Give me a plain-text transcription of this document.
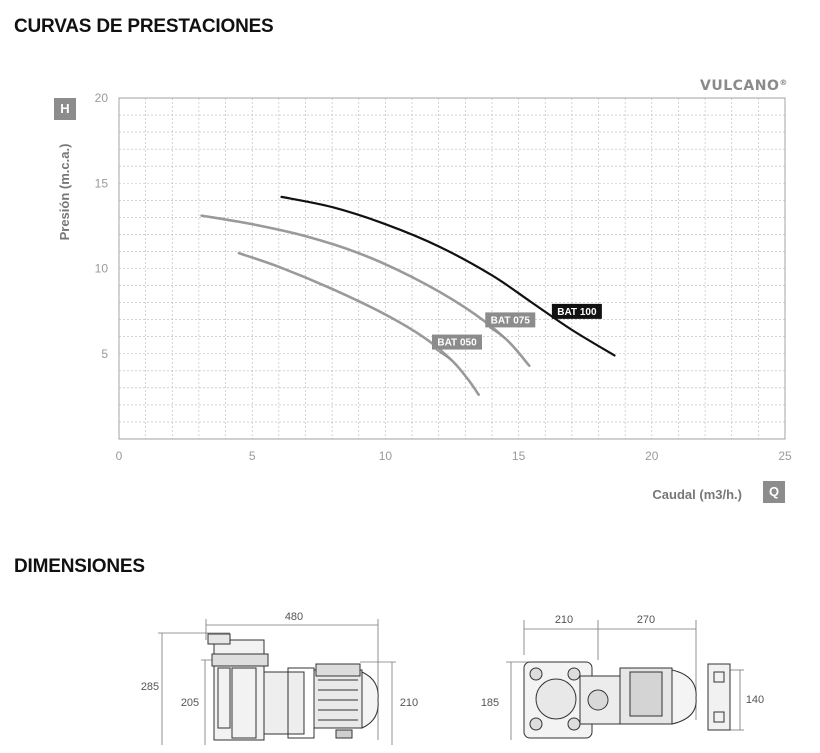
CURVAS DE PRESTACIONES
VULCANO®
0	5	10	15	20	25
5
10
15
20
BAT 050
BAT 075
BAT 100
Presión (m.c.a.)
Caudal (m3/h.)
H
Q
DIMENSIONES
480
285
205	210
210	270
185	140
